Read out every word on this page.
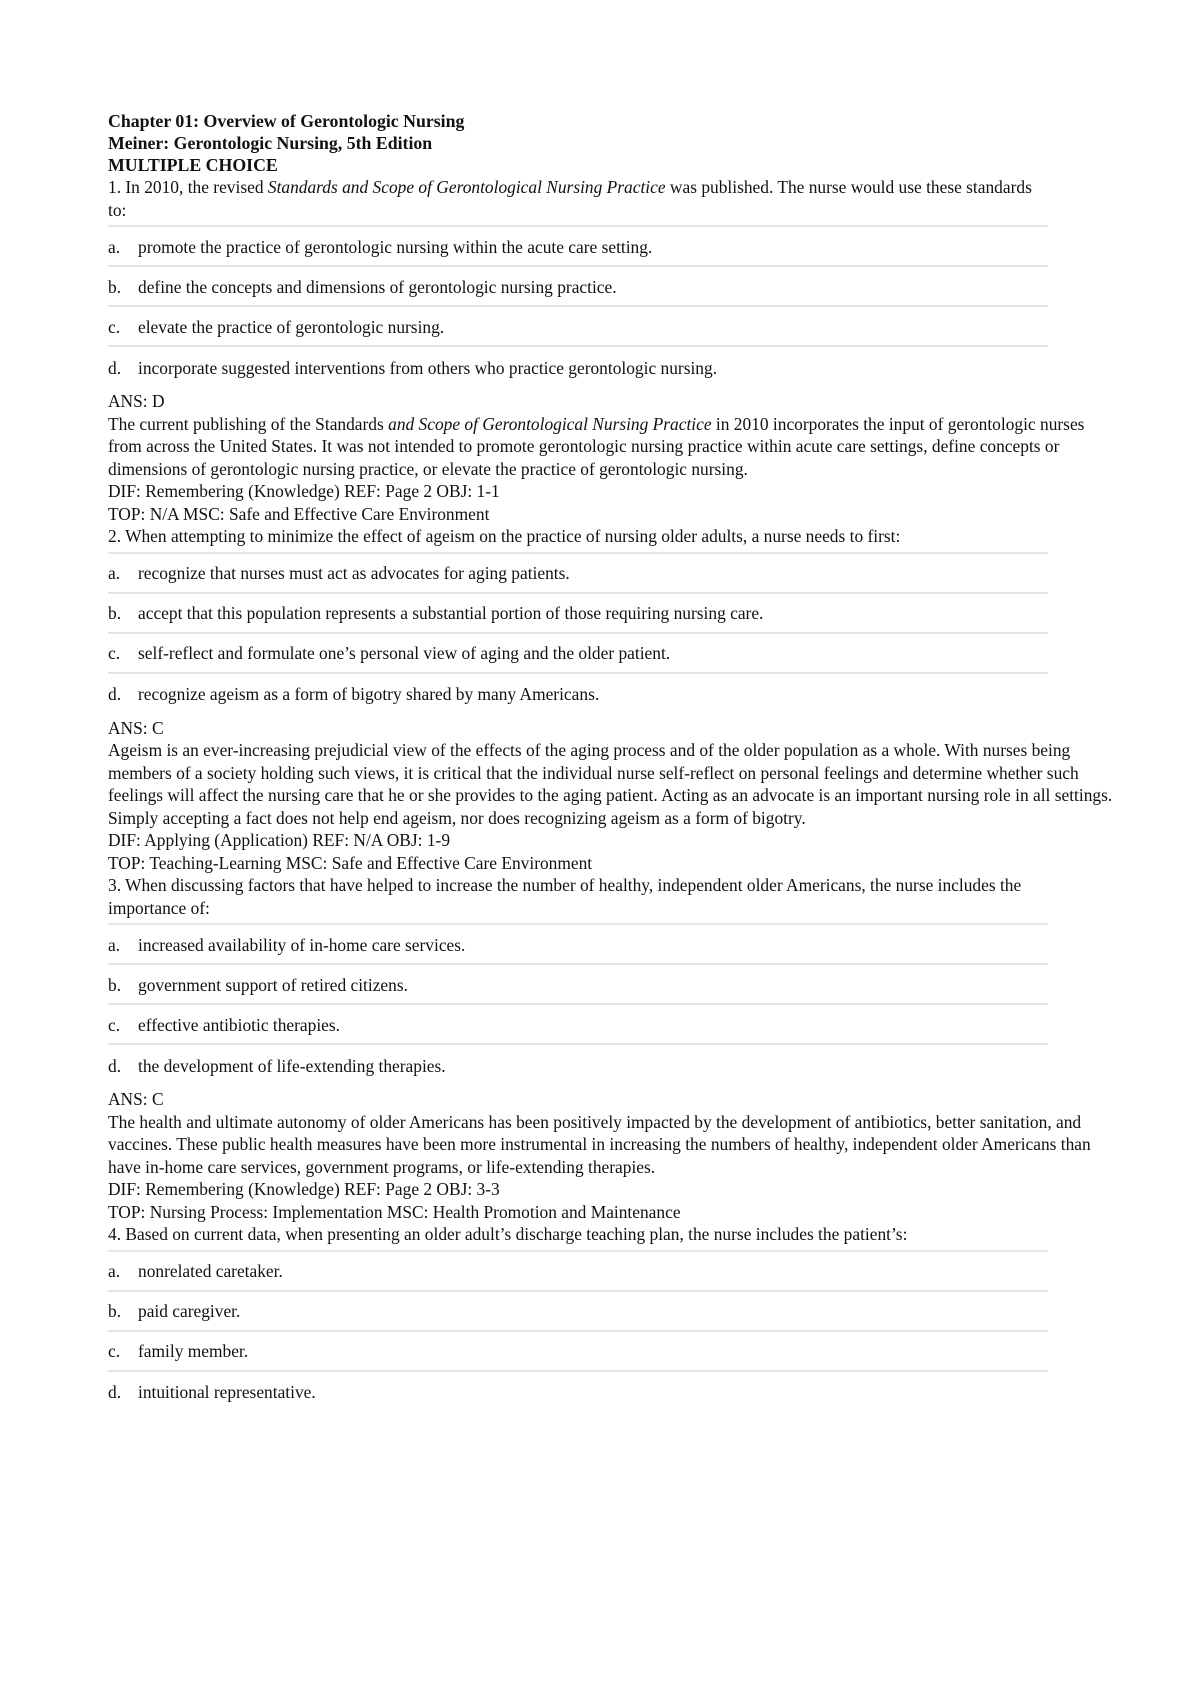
Chapter 01: Overview of Gerontologic Nursing
Meiner: Gerontologic Nursing, 5th Edition
MULTIPLE CHOICE

1. In 2010, the revised Standards and Scope of Gerontological Nursing Practice was published. The nurse would use these standards to:

a.	promote the practice of gerontologic nursing within the acute care setting.
b. define the concepts and dimensions of gerontologic nursing practice.
c.	elevate the practice of gerontologic nursing.
d. incorporate suggested interventions from others who practice gerontologic nursing.

ANS: D

The current publishing of the Standards and Scope of Gerontological Nursing Practice in 2010 incorporates the input of gerontologic nurses from across the United States. It was not intended to promote gerontologic nursing practice within acute care settings, define concepts or dimensions of gerontologic nursing practice, or elevate the practice of gerontologic nursing.

DIF: Remembering (Knowledge) REF: Page 2 OBJ: 1-1

TOP: N/A MSC: Safe and Effective Care Environment

2. When attempting to minimize the effect of ageism on the practice of nursing older adults, a nurse needs to first:

a.	recognize that nurses must act as advocates for aging patients.
b. accept that this population represents a substantial portion of those requiring nursing care.
c.	self-reflect and formulate one’s personal view of aging and the older patient.
d. recognize ageism as a form of bigotry shared by many Americans.

ANS: C

Ageism is an ever-increasing prejudicial view of the effects of the aging process and of the older population as a whole. With nurses being members of a society holding such views, it is critical that the individual nurse self-reflect on personal feelings and determine whether such feelings will affect the nursing care that he or she provides to the aging patient. Acting as an advocate is an important nursing role in all settings. Simply accepting a fact does not help end ageism, nor does recognizing ageism as a form of bigotry.

DIF: Applying (Application) REF: N/A OBJ: 1-9

TOP: Teaching-Learning MSC: Safe and Effective Care Environment

3. When discussing factors that have helped to increase the number of healthy, independent older Americans, the nurse includes the importance of:

a.	increased availability of in-home care services.
b. government support of retired citizens.
c.	effective antibiotic therapies.
d. the development of life-extending therapies.

ANS: C

The health and ultimate autonomy of older Americans has been positively impacted by the development of antibiotics, better sanitation, and vaccines. These public health measures have been more instrumental in increasing the numbers of healthy, independent older Americans than have in-home care services, government programs, or life-extending therapies.

DIF: Remembering (Knowledge) REF: Page 2 OBJ: 3-3

TOP: Nursing Process: Implementation MSC: Health Promotion and Maintenance

4. Based on current data, when presenting an older adult’s discharge teaching plan, the nurse includes the patient’s:

a.	nonrelated caretaker.
b. paid caregiver.
c.	family member.
d. intuitional representative.
